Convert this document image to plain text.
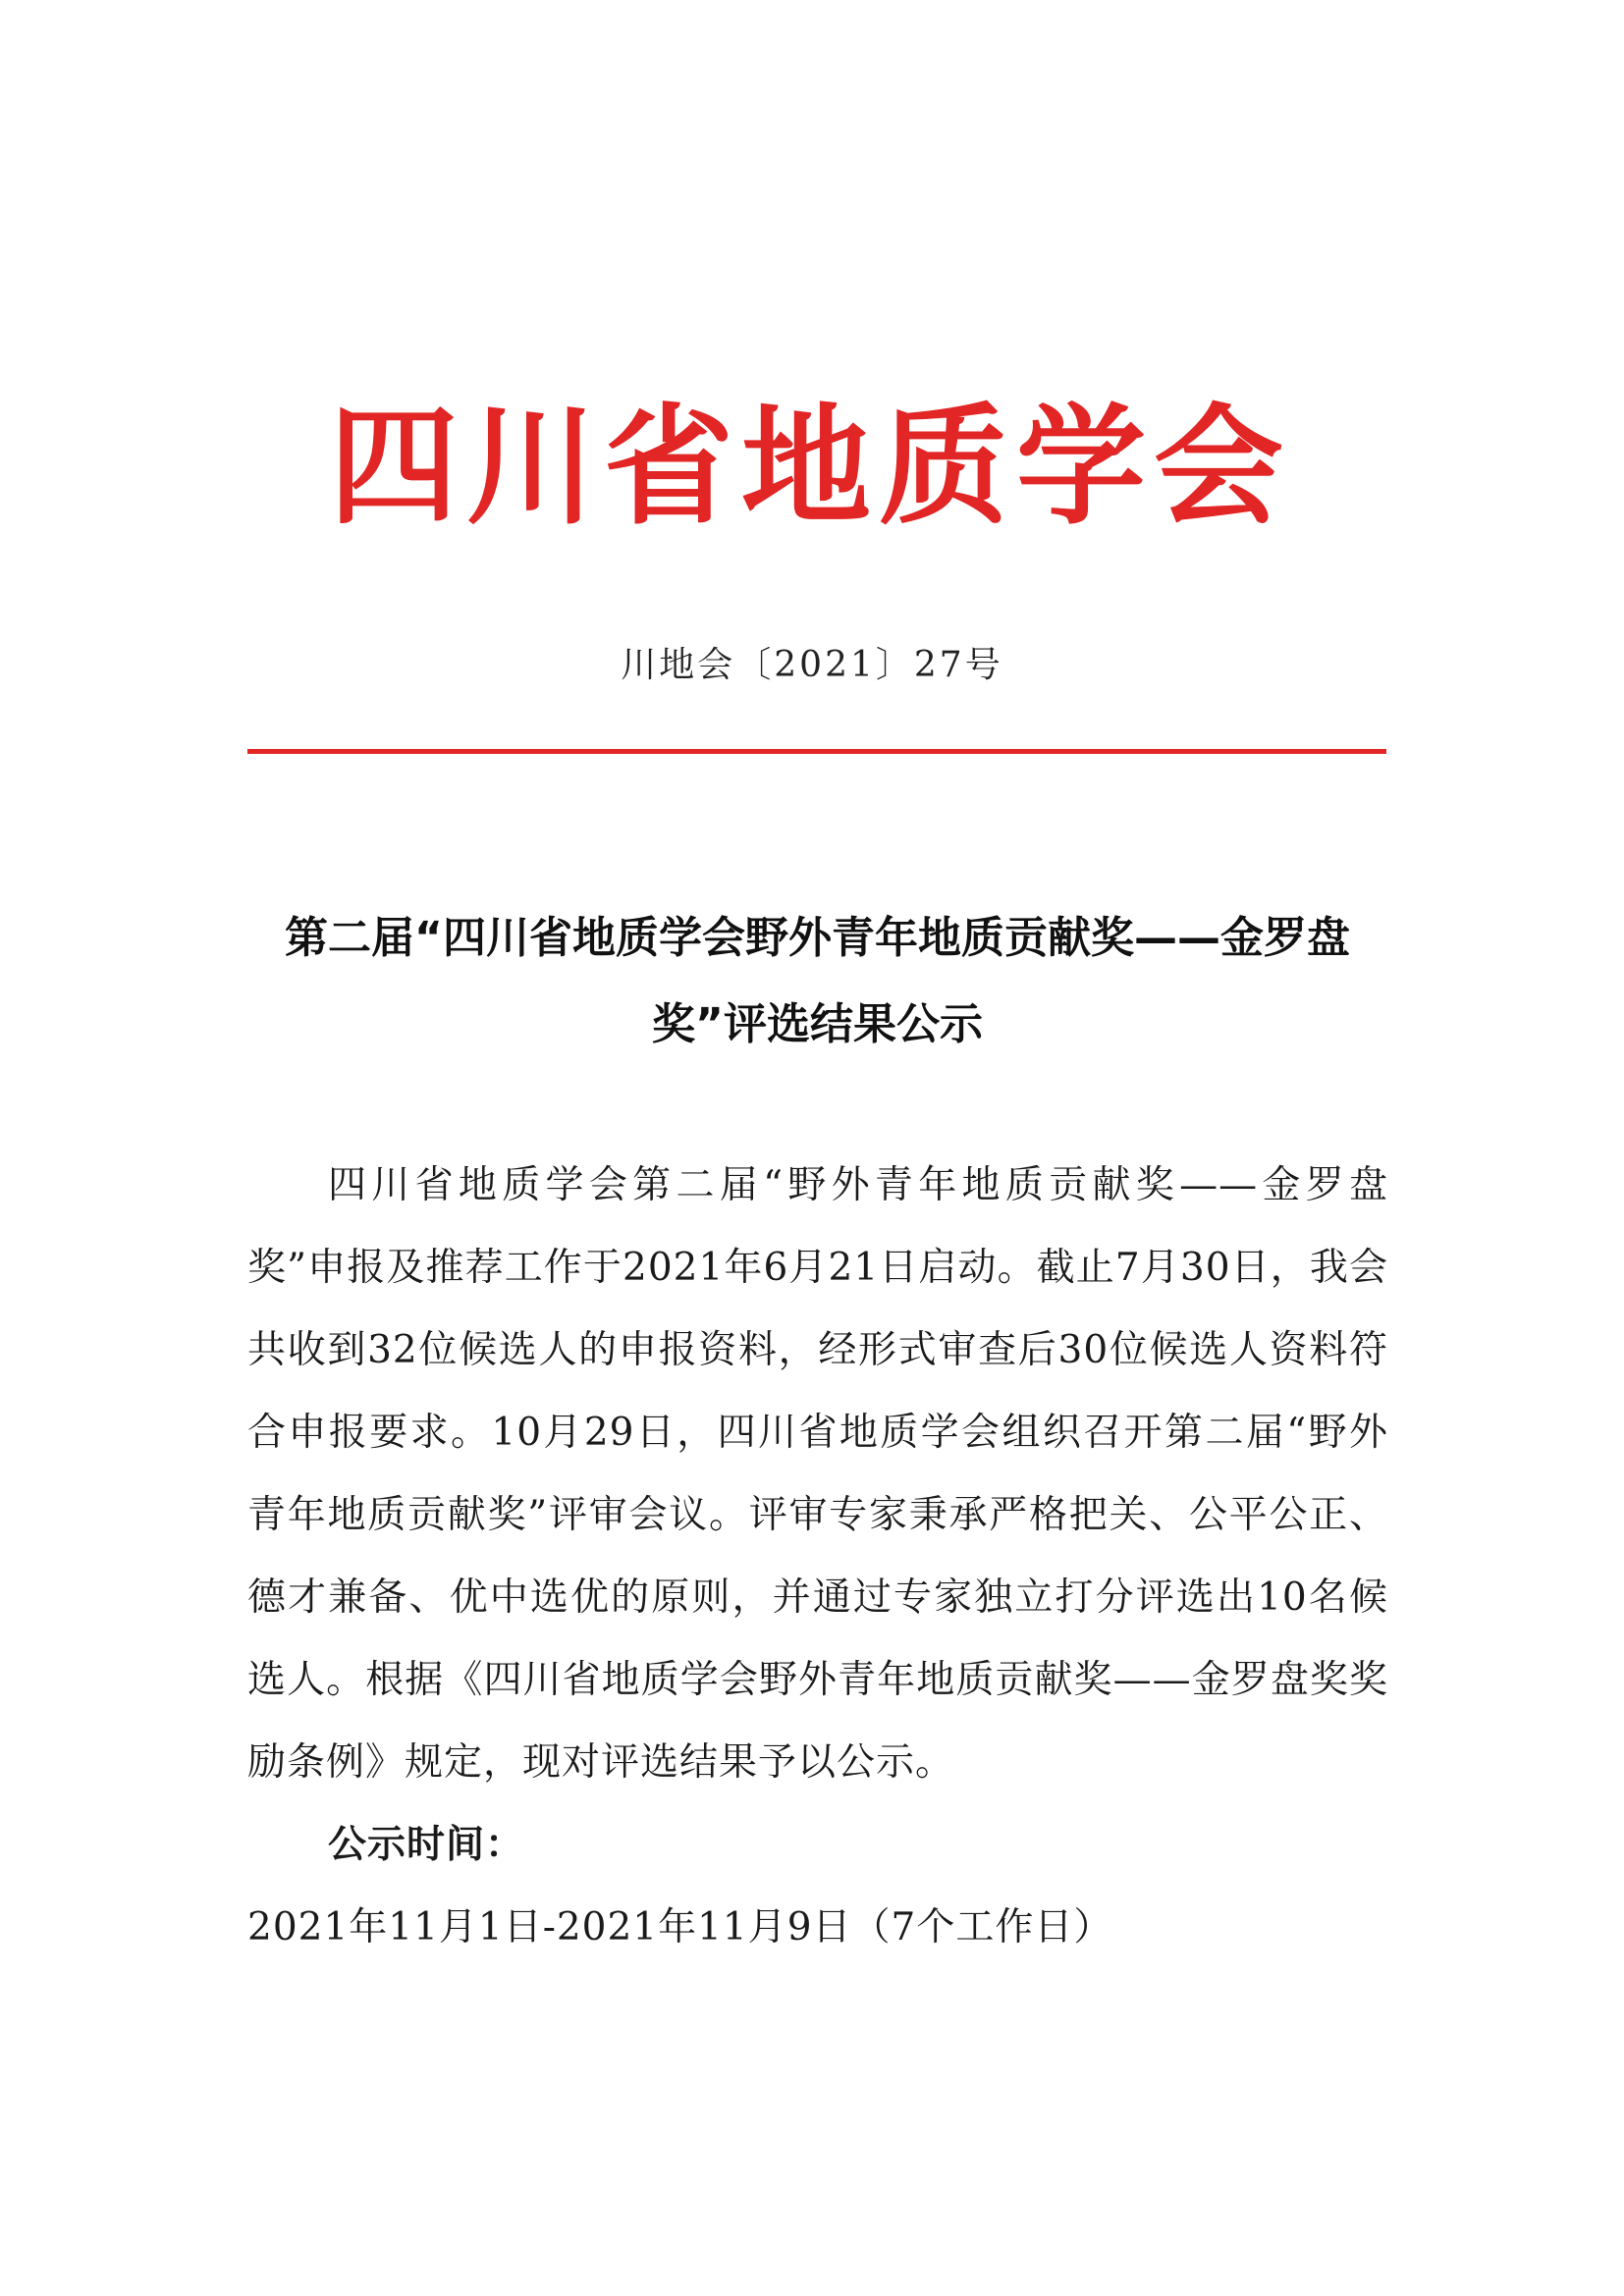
四川省地质学会
川地会〔2021〕27号
第二届“四川省地质学会野外青年地质贡献奖——金罗盘奖”评选结果公示

四川省地质学会第二届“野外青年地质贡献奖——金罗盘奖”申报及推荐工作于2021年6月21日启动。截止7月30日，我会共收到32位候选人的申报资料，经形式审查后30位候选人资料符合申报要求。10月29日，四川省地质学会组织召开第二届“野外青年地质贡献奖”评审会议。评审专家秉承严格把关、公平公正、德才兼备、优中选优的原则，并通过专家独立打分评选出10名候选人。根据《四川省地质学会野外青年地质贡献奖——金罗盘奖奖励条例》规定，现对评选结果予以公示。

公示时间：2021年11月1日-2021年11月9日（7个工作日）
